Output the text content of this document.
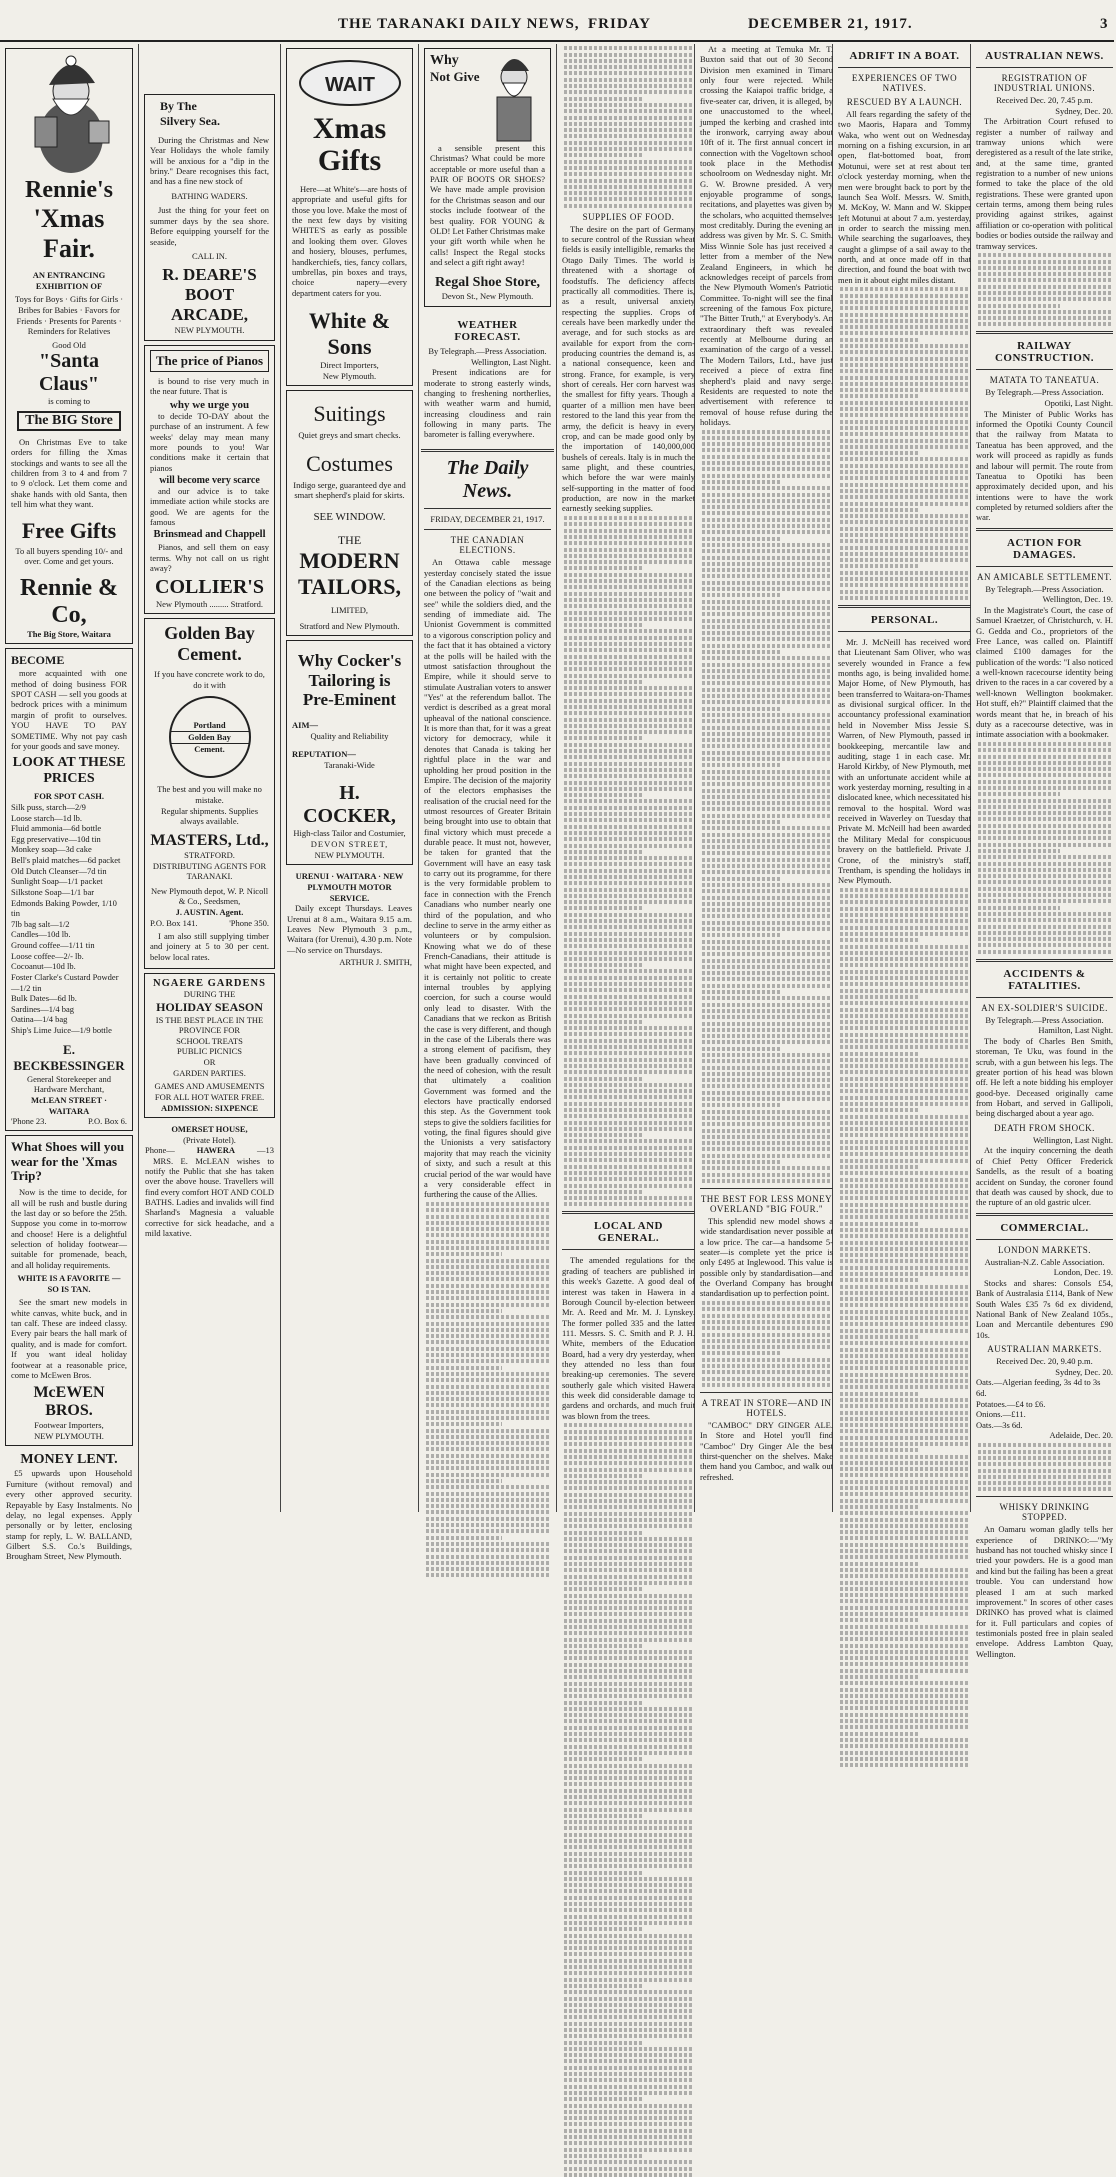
THE TARANAKI DAILY NEWS, FRIDAY	DECEMBER 21, 1917.	3
Rennie's
'Xmas Fair.
AN ENTRANCING EXHIBITION OF
Toys for Boys · Gifts for Girls · Bribes for Babies · Favors for Friends · Presents for Parents · Reminders for Relatives
Good Old
"Santa Claus"
is coming to
The BIG Store
On Christmas Eve to take orders for filling the Xmas stockings and wants to see all the children from 3 to 4 and from 7 to 9 o'clock. Let them come and shake hands with old Santa, then tell him what they want.
Free Gifts
To all buyers spending 10/- and over. Come and get yours.
Rennie & Co,
The Big Store, Waitara
BECOME
more acquainted with one method of doing business FOR SPOT CASH — sell you goods at bedrock prices with a minimum margin of profit to ourselves. YOU HAVE TO PAY SOMETIME. Why not pay cash for your goods and save money.
LOOK AT THESE PRICES
FOR SPOT CASH.
Silk puss, starch—2/9
Loose starch—1d lb.
Fluid ammonia—6d bottle
Egg preservative—10d tin
Monkey soap—3d cake
Bell's plaid matches—6d packet
Old Dutch Cleanser—7d tin
Sunlight Soap—1/1 packet
Silkstone Soap—1/1 bar
Edmonds Baking Powder, 1/10 tin
7lb bag salt—1/2
Candles—10d lb.
Ground coffee—1/11 tin
Loose coffee—2/- lb.
Cocoanut—10d lb.
Foster Clarke's Custard Powder —1/2 tin
Bulk Dates—6d lb.
Sardines—1/4 bag
Oatina—1/4 bag
Ship's Lime Juice—1/9 bottle
E. BECKBESSINGER
General Storekeeper and Hardware Merchant,
McLEAN STREET · WAITARA
'Phone 23.	P.O. Box 6.
What Shoes will you wear for the 'Xmas Trip?
Now is the time to decide, for all will be rush and bustle during the last day or so before the 25th. Suppose you come in to-morrow and choose! Here is a delightful selection of holiday footwear—suitable for promenade, beach, and all holiday requirements.
WHITE IS A FAVORITE — SO IS TAN.
See the smart new models in white canvas, white buck, and in tan calf. These are indeed classy. Every pair bears the hall mark of quality, and is made for comfort. If you want ideal holiday footwear at a reasonable price, come to McEwen Bros.
McEWEN BROS.
Footwear Importers,
NEW PLYMOUTH.
MONEY LENT.
£5 upwards upon Household Furniture (without removal) and every other approved security. Repayable by Easy Instalments. No delay, no legal expenses. Apply personally or by letter, enclosing stamp for reply, L. W. BALLAND, Gilbert S.S. Co.'s Buildings, Brougham Street, New Plymouth.
By The
Silvery Sea.
During the Christmas and New Year Holidays the whole family will be anxious for a "dip in the briny." Deare recognises this fact, and has a fine new stock of
BATHING WADERS.
Just the thing for your feet on summer days by the sea shore. Before equipping yourself for the seaside,
CALL IN.
R. DEARE'S
BOOT
ARCADE,
NEW PLYMOUTH.
The price of Pianos
is bound to rise very much in the near future. That is
why we urge you
to decide TO-DAY about the purchase of an instrument. A few weeks' delay may mean many more pounds to you! War conditions make it certain that pianos
will become very scarce
and our advice is to take immediate action while stocks are good. We are agents for the famous
Brinsmead and Chappell
Pianos, and sell them on easy terms. Why not call on us right away?
COLLIER'S
New Plymouth ......... Stratford.
Golden Bay
Cement.
If you have concrete work to do, do it with
Portland
Golden Bay
Cement.
The best and you will make no mistake.
Regular shipments. Supplies always available.
MASTERS, Ltd.,
STRATFORD.
DISTRIBUTING AGENTS FOR TARANAKI.
New Plymouth depot, W. P. Nicoll & Co., Seedsmen,
J. AUSTIN. Agent.
P.O. Box 141.	'Phone 350.
I am also still supplying timber and joinery at 5 to 30 per cent. below local rates.
NGAERE GARDENS
DURING THE
HOLIDAY SEASON
IS THE BEST PLACE IN THE
PROVINCE FOR
SCHOOL TREATS
PUBLIC PICNICS
OR
GARDEN PARTIES.
GAMES AND AMUSEMENTS FOR ALL HOT WATER FREE.
ADMISSION: SIXPENCE
OMERSET HOUSE,
(Private Hotel).
Phone—	HAWERA	—13
MRS. E. McLEAN wishes to notify the Public that she has taken over the above house. Travellers will find every comfort HOT AND COLD BATHS. Ladies and invalids will find Sharland's Magnesia a valuable corrective for sick headache, and a mild laxative.
WAIT
Xmas
Gifts
Here—at White's—are hosts of appropriate and useful gifts for those you love. Make the most of the next few days by visiting WHITE'S as early as possible and looking them over. Gloves and hosiery, blouses, perfumes, handkerchiefs, ties, fancy collars, umbrellas, pin boxes and trays, choice napery—every department caters for you.
White & Sons
Direct Importers,
New Plymouth.
Suitings
Quiet greys and smart checks.
Costumes
Indigo serge, guaranteed dye and smart shepherd's plaid for skirts.
SEE WINDOW.
THE
MODERN
TAILORS,
LIMITED,
Stratford and New Plymouth.
Why Cocker's Tailoring is Pre-Eminent
AIM—
Quality and Reliability
REPUTATION—
Taranaki-Wide
H. COCKER,
High-class Tailor and Costumier,
DEVON STREET,
NEW PLYMOUTH.
URENUI · WAITARA · NEW PLYMOUTH MOTOR SERVICE.
Daily except Thursdays. Leaves Urenui at 8 a.m., Waitara 9.15 a.m. Leaves New Plymouth 3 p.m., Waitara (for Urenui), 4.30 p.m. Note—No service on Thursdays.
ARTHUR J. SMITH,
Why
Not Give
a sensible present this Christmas? What could be more acceptable or more useful than a PAIR OF BOOTS OR SHOES? We have made ample provision for the Christmas season and our stocks include footwear of the best quality. FOR YOUNG & OLD! Let Father Christmas make your gift worth while when he calls! Inspect the Regal stocks and select a gift right away!
Regal Shoe Store,
Devon St., New Plymouth.
WEATHER FORECAST.
By Telegraph.—Press Association.
Wellington, Last Night.
Present indications are for moderate to strong easterly winds, changing to freshening northerlies, with weather warm and humid, increasing cloudiness and rain following in many parts. The barometer is falling everywhere.
The Daily News.
FRIDAY, DECEMBER 21, 1917.
THE CANADIAN ELECTIONS.
An Ottawa cable message yesterday concisely stated the issue of the Canadian elections as being one between the policy of "wait and see" while the soldiers died, and the sending of immediate aid. The Unionist Government is committed to a vigorous conscription policy and the fact that it has obtained a victory at the polls will be hailed with the utmost satisfaction throughout the Empire, while it should serve to stimulate Australian voters to answer "Yes" at the referendum ballot. The verdict is described as a great moral upheaval of the national conscience. It is more than that, for it was a great victory for democracy, while it denotes that Canada is taking her rightful place in the war and upholding her proud position in the Empire. The decision of the majority of the electors emphasises the realisation of the crucial need for the utmost resources of Greater Britain being brought into use to obtain that final victory which must precede a durable peace. It must not, however, be taken for granted that the Government will have an easy task to carry out its programme, for there is the very formidable problem to face in connection with the French Canadians who number nearly one third of the population, and who decline to serve in the army either as volunteers or by compulsion. Knowing what we do of these French-Canadians, their attitude is what might have been expected, and it is certainly not politic to create internal troubles by applying coercion, for such a course would only lead to disaster. With the Canadians that we reckon as British the case is very different, and though in the case of the Liberals there was a strong element of pacifism, they have been gradually convinced of the need of cohesion, with the result that ultimately a coalition Government was formed and the electors have practically endorsed this step. As the Government took steps to give the soldiers facilities for voting, the final figures should give the Unionists a very satisfactory majority that may reach the vicinity of sixty, and such a result at this crucial period of the war would have a very considerable effect in furthering the cause of the Allies.
SUPPLIES OF FOOD.
The desire on the part of Germany to secure control of the Russian wheat fields is easily intelligible, remarks the Otago Daily Times. The world is threatened with a shortage of foodstuffs. The deficiency affects practically all commodities. There is, as a result, universal anxiety respecting the supplies. Crops of cereals have been markedly under the average, and for such stocks as are available for export from the corn-producing countries the demand is, as a national consequence, keen and strong. France, for example, is very short of cereals. Her corn harvest was the smallest for fifty years. Though a quarter of a million men have been restored to the land this year from the army, the deficit is heavy in every crop, and can be made good only by the importation of 140,000,000 bushels of cereals. Italy is in much the same plight, and these countries, which before the war were mainly self-supporting in the matter of food production, are now in the market earnestly seeking supplies.
LOCAL AND GENERAL.
The amended regulations for the grading of teachers are published in this week's Gazette. A good deal of interest was taken in Hawera in a Borough Council by-election between Mr. A. Reed and Mr. M. J. Lynskey. The former polled 335 and the latter 111. Messrs. S. C. Smith and P. J. H. White, members of the Education Board, had a very dry yesterday, when they attended no less than four breaking-up ceremonies. The severe southerly gale which visited Hawera this week did considerable damage to gardens and orchards, and much fruit was blown from the trees.
At a meeting at Temuka Mr. T. Buxton said that out of 30 Second Division men examined in Timaru only four were rejected. While crossing the Kaiapoi traffic bridge, a five-seater car, driven, it is alleged, by one unaccustomed to the wheel, jumped the kerbing and crashed into the ironwork, carrying away about 10ft of it. The first annual concert in connection with the Vogeltown school took place in the Methodist schoolroom on Wednesday night. Mr. G. W. Browne presided. A very enjoyable programme of songs, recitations, and playettes was given by the scholars, who acquitted themselves most creditably. During the evening an address was given by Mr. S. C. Smith. Miss Winnie Sole has just received a letter from a member of the New Zealand Engineers, in which he acknowledges receipt of parcels from the New Plymouth Women's Patriotic Committee. To-night will see the final screening of the famous Fox picture, "The Bitter Truth," at Everybody's. An extraordinary theft was revealed recently at Melbourne during an examination of the cargo of a vessel. The Modern Tailors, Ltd., have just received a piece of extra fine shepherd's plaid and navy serge. Residents are requested to note the advertisement with reference to removal of house refuse during the holidays.
THE BEST FOR LESS MONEY OVERLAND "BIG FOUR."
This splendid new model shows a wide standardisation never possible at a low price. The car—a handsome 5-seater—is complete yet the price is only £495 at Inglewood. This value is possible only by standardisation—and the Overland Company has brought standardisation up to perfection point.
A TREAT IN STORE—AND IN HOTELS.
"CAMBOC" DRY GINGER ALE. In Store and Hotel you'll find "Camboc" Dry Ginger Ale the best thirst-quencher on the shelves. Make them hand you Camboc, and walk out refreshed.
ADRIFT IN A BOAT.
EXPERIENCES OF TWO NATIVES.
RESCUED BY A LAUNCH.
All fears regarding the safety of the two Maoris, Hapara and Tommy Waka, who went out on Wednesday morning on a fishing excursion, in an open, flat-bottomed boat, from Motunui, were set at rest about ten o'clock yesterday morning, when the men were brought back to port by the launch Sea Wolf. Messrs. W. Smith, M. McKoy, W. Mann and W. Skipper left Motunui at about 7 a.m. yesterday, in order to search the missing men. While searching the sugarloaves, they caught a glimpse of a sail away to the north, and at once made off in that direction, and found the boat with two men in it about eight miles distant.
PERSONAL.
Mr. J. McNeill has received word that Lieutenant Sam Oliver, who was severely wounded in France a few months ago, is being invalided home. Major Home, of New Plymouth, has been transferred to Waitara-on-Thames as divisional surgical officer. In the accountancy professional examination held in November Miss Jessie S. Warren, of New Plymouth, passed in bookkeeping, mercantile law and auditing, stage 1 in each case. Mr. Harold Kirkby, of New Plymouth, met with an unfortunate accident while at work yesterday morning, resulting in a dislocated knee, which necessitated his removal to the hospital. Word was received in Waverley on Tuesday that Private M. McNeill had been awarded the Military Medal for conspicuous bravery on the battlefield. Private J. Crone, of the ministry's staff, Trentham, is spending the holidays in New Plymouth.
AUSTRALIAN NEWS.
REGISTRATION OF INDUSTRIAL UNIONS.
Received Dec. 20, 7.45 p.m.
Sydney, Dec. 20.
The Arbitration Court refused to register a number of railway and tramway unions which were deregistered as a result of the late strike, and, at the same time, granted registration to a number of new unions formed to take the place of the old registrations. These were granted upon certain terms, among them being rules providing against strikes, against affiliation or co-operation with political bodies or bodies outside the railway and tramway services.
RAILWAY CONSTRUCTION.
MATATA TO TANEATUA.
By Telegraph.—Press Association.
Opotiki, Last Night.
The Minister of Public Works has informed the Opotiki County Council that the railway from Matata to Taneatua has been approved, and the work will proceed as rapidly as funds and labour will permit. The route from Taneatua to Opotiki has been approximately decided upon, and his intentions were to have the work completed by returned soldiers after the war.
ACTION FOR DAMAGES.
AN AMICABLE SETTLEMENT.
By Telegraph.—Press Association.
Wellington, Dec. 19.
In the Magistrate's Court, the case of Samuel Kraetzer, of Christchurch, v. H. G. Gedda and Co., proprietors of the Free Lance, was called on. Plaintiff claimed £100 damages for the publication of the words: "I also noticed a well-known racecourse identity being driven to the races in a car covered by a well-known Wellington bookmaker. Hot stuff, eh?" Plaintiff claimed that the words meant that he, in breach of his duty as a racecourse detective, was in intimate association with a bookmaker.
ACCIDENTS & FATALITIES.
AN EX-SOLDIER'S SUICIDE.
By Telegraph.—Press Association.
Hamilton, Last Night.
The body of Charles Ben Smith, storeman, Te Uku, was found in the scrub, with a gun between his legs. The greater portion of his head was blown off. He left a note bidding his employer good-bye. Deceased originally came from Hobart, and served in Gallipoli, being discharged about a year ago.
DEATH FROM SHOCK.
Wellington, Last Night.
At the inquiry concerning the death of Chief Petty Officer Frederick Sandells, as the result of a boating accident on Sunday, the coroner found that death was caused by shock, due to the rupture of an old gastric ulcer.
COMMERCIAL.
LONDON MARKETS.
Australian-N.Z. Cable Association.
London, Dec. 19.
Stocks and shares: Consols £54, Bank of Australasia £114, Bank of New South Wales £35 7s 6d ex dividend, National Bank of New Zealand 105s., Loan and Mercantile debentures £90 10s.
AUSTRALIAN MARKETS.
Received Dec. 20, 9.40 p.m.
Sydney, Dec. 20.
Oats.—Algerian feeding, 3s 4d to 3s 6d.
Potatoes.—£4 to £6.
Onions.—£11.
Oats.—3s 6d.
Adelaide, Dec. 20.
WHISKY DRINKING STOPPED.
An Oamaru woman gladly tells her experience of DRINKO:—"My husband has not touched whisky since I tried your powders. He is a good man and kind but the failing has been a great trouble. You can understand how pleased I am at such marked improvement." In scores of other cases DRINKO has proved what is claimed for it. Full particulars and copies of testimonials posted free in plain sealed envelope. Address Lambton Quay, Wellington.
